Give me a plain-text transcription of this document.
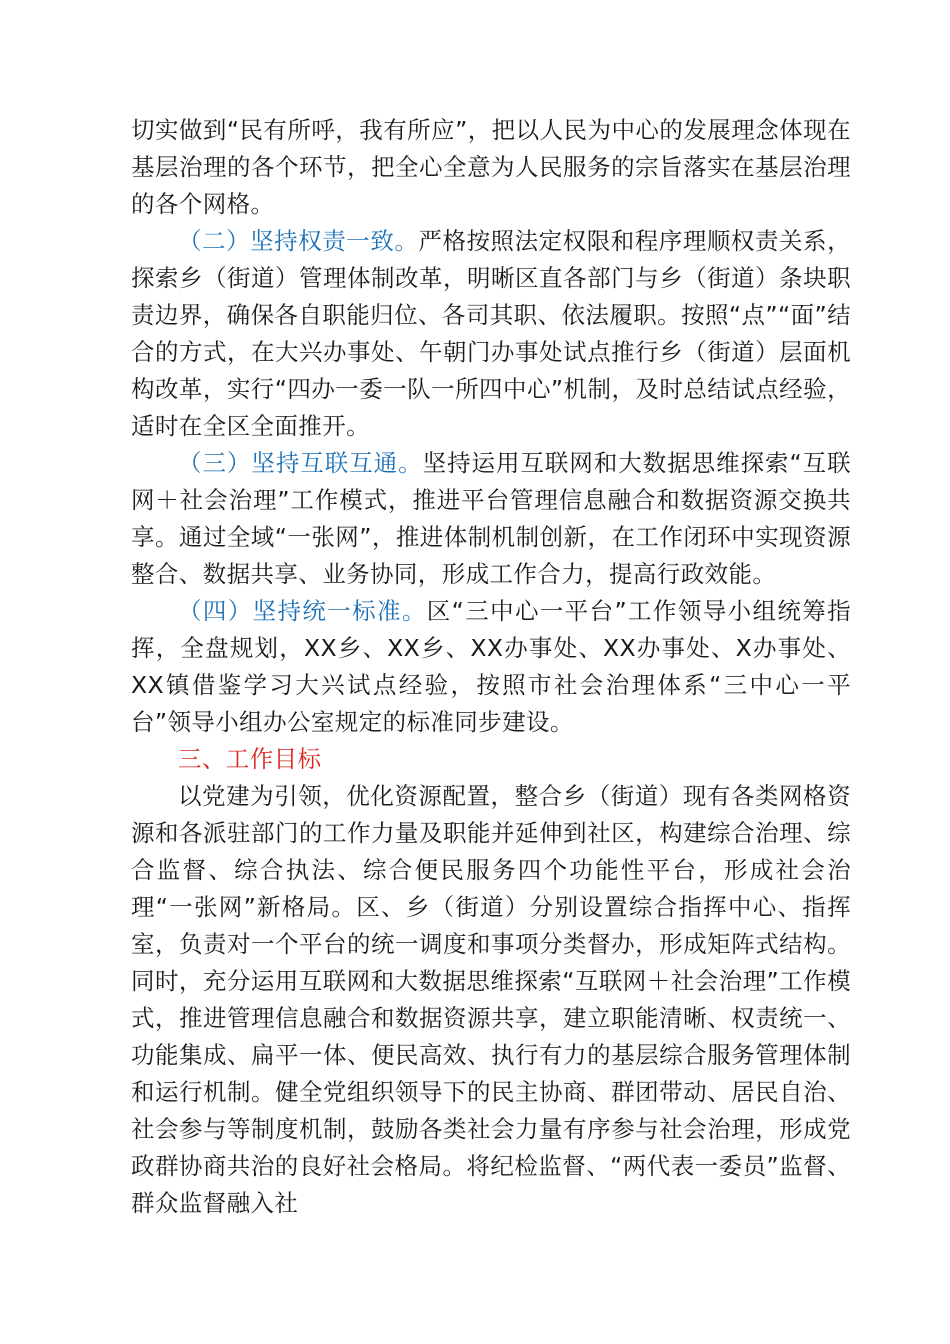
切实做到“民有所呼，我有所应”，把以人民为中心的发展理念体现在基层治理的各个环节，把全心全意为人民服务的宗旨落实在基层治理的各个网格。

（二）坚持权责一致。严格按照法定权限和程序理顺权责关系，探索乡（街道）管理体制改革，明晰区直各部门与乡（街道）条块职责边界，确保各自职能归位、各司其职、依法履职。按照“点”“面”结合的方式，在大兴办事处、午朝门办事处试点推行乡（街道）层面机构改革，实行“四办一委一队一所四中心”机制，及时总结试点经验，适时在全区全面推开。

（三）坚持互联互通。坚持运用互联网和大数据思维探索“互联网＋社会治理”工作模式，推进平台管理信息融合和数据资源交换共享。通过全域“一张网”，推进体制机制创新，在工作闭环中实现资源整合、数据共享、业务协同，形成工作合力，提高行政效能。

（四）坚持统一标准。区“三中心一平台”工作领导小组统筹指挥，全盘规划，XX乡、XX乡、XX办事处、XX办事处、X办事处、XX镇借鉴学习大兴试点经验，按照市社会治理体系“三中心一平台”领导小组办公室规定的标准同步建设。

三、工作目标

以党建为引领，优化资源配置，整合乡（街道）现有各类网格资源和各派驻部门的工作力量及职能并延伸到社区，构建综合治理、综合监督、综合执法、综合便民服务四个功能性平台，形成社会治理“一张网”新格局。区、乡（街道）分别设置综合指挥中心、指挥室，负责对一个平台的统一调度和事项分类督办，形成矩阵式结构。同时，充分运用互联网和大数据思维探索“互联网＋社会治理”工作模式，推进管理信息融合和数据资源共享，建立职能清晰、权责统一、功能集成、扁平一体、便民高效、执行有力的基层综合服务管理体制和运行机制。健全党组织领导下的民主协商、群团带动、居民自治、社会参与等制度机制，鼓励各类社会力量有序参与社会治理，形成党政群协商共治的良好社会格局。将纪检监督、“两代表一委员”监督、群众监督融入社
